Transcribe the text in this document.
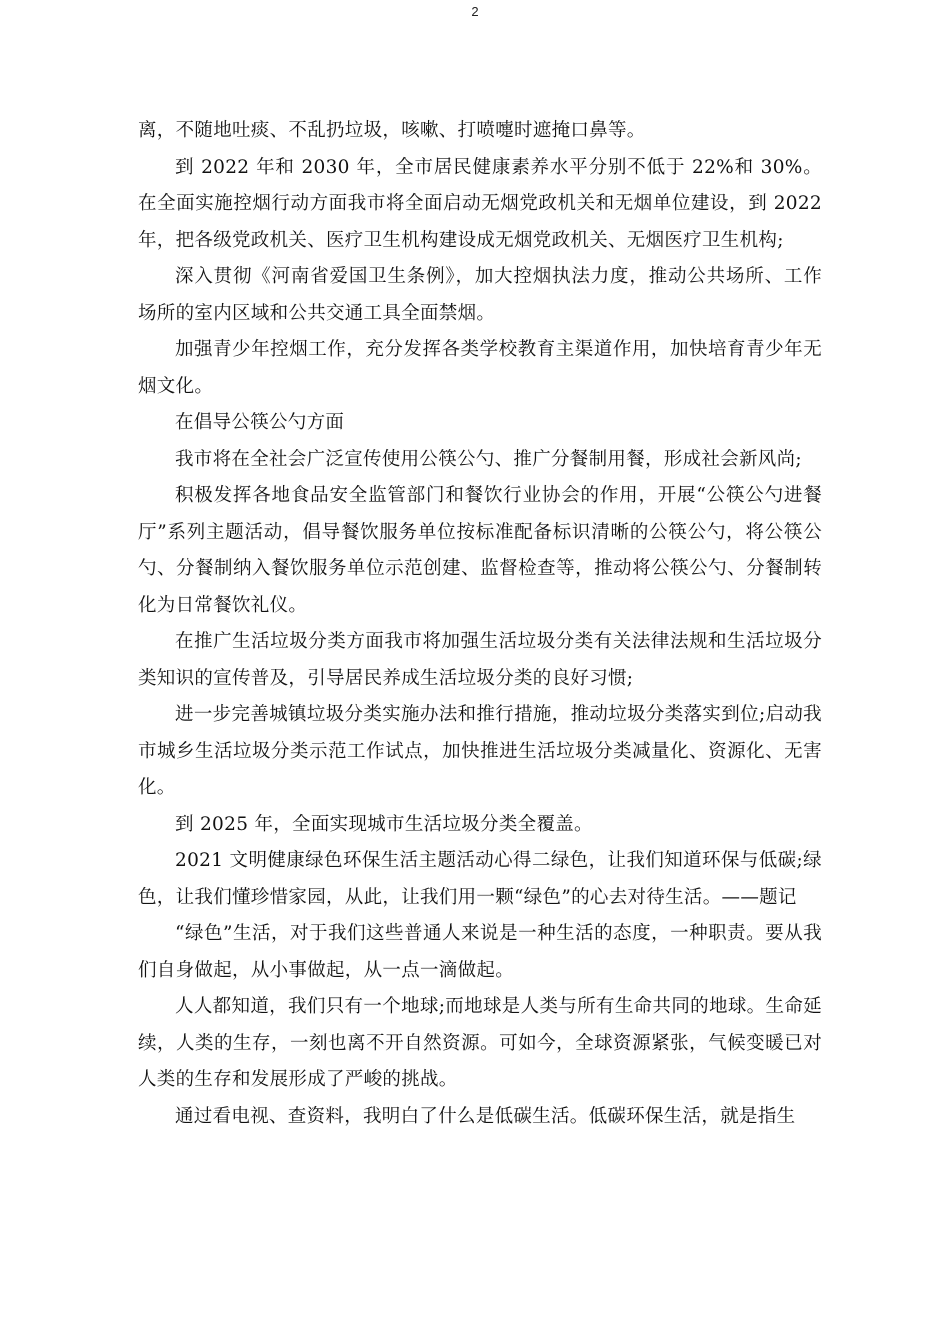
2

离，不随地吐痰、不乱扔垃圾，咳嗽、打喷嚏时遮掩口鼻等。

到 2022 年和 2030 年，全市居民健康素养水平分别不低于 22%和 30%。在全面实施控烟行动方面我市将全面启动无烟党政机关和无烟单位建设，到 2022 年，把各级党政机关、医疗卫生机构建设成无烟党政机关、无烟医疗卫生机构;

深入贯彻《河南省爱国卫生条例》，加大控烟执法力度，推动公共场所、工作场所的室内区域和公共交通工具全面禁烟。

加强青少年控烟工作，充分发挥各类学校教育主渠道作用，加快培育青少年无烟文化。

在倡导公筷公勺方面

我市将在全社会广泛宣传使用公筷公勺、推广分餐制用餐，形成社会新风尚;

积极发挥各地食品安全监管部门和餐饮行业协会的作用，开展“公筷公勺进餐厅”系列主题活动，倡导餐饮服务单位按标准配备标识清晰的公筷公勺，将公筷公勺、分餐制纳入餐饮服务单位示范创建、监督检查等，推动将公筷公勺、分餐制转化为日常餐饮礼仪。

在推广生活垃圾分类方面我市将加强生活垃圾分类有关法律法规和生活垃圾分类知识的宣传普及，引导居民养成生活垃圾分类的良好习惯;

进一步完善城镇垃圾分类实施办法和推行措施，推动垃圾分类落实到位;启动我市城乡生活垃圾分类示范工作试点，加快推进生活垃圾分类减量化、资源化、无害化。

到 2025 年，全面实现城市生活垃圾分类全覆盖。

2021 文明健康绿色环保生活主题活动心得二绿色，让我们知道环保与低碳;绿色，让我们懂珍惜家园，从此，让我们用一颗“绿色”的心去对待生活。——题记

“绿色”生活，对于我们这些普通人来说是一种生活的态度，一种职责。要从我们自身做起，从小事做起，从一点一滴做起。

人人都知道，我们只有一个地球;而地球是人类与所有生命共同的地球。生命延续，人类的生存，一刻也离不开自然资源。可如今，全球资源紧张，气候变暖已对人类的生存和发展形成了严峻的挑战。

通过看电视、查资料，我明白了什么是低碳生活。低碳环保生活，就是指生
